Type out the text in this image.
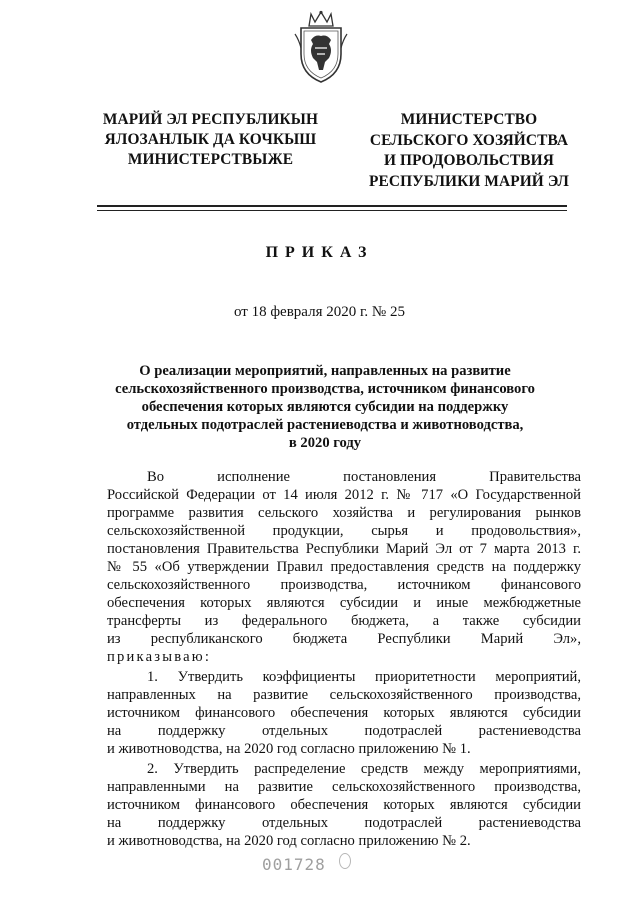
МАРИЙ ЭЛ РЕСПУБЛИКЫН
ЯЛОЗАНЛЫК ДА КОЧКЫШ
МИНИСТЕРСТВЫЖЕ
МИНИСТЕРСТВО
СЕЛЬСКОГО ХОЗЯЙСТВА
И ПРОДОВОЛЬСТВИЯ
РЕСПУБЛИКИ МАРИЙ ЭЛ
ПРИКАЗ
от 18 февраля 2020 г. № 25
О реализации мероприятий, направленных на развитие
сельскохозяйственного производства, источником финансового
обеспечения которых являются субсидии на поддержку
отдельных подотраслей растениеводства и животноводства,
в 2020 году
Во исполнение постановления Правительства
Российской Федерации от 14 июля 2012 г. № 717 «О Государственной
программе развития сельского хозяйства и регулирования рынков
сельскохозяйственной продукции, сырья и продовольствия»,
постановления Правительства Республики Марий Эл от 7 марта 2013 г.
№ 55 «Об утверждении Правил предоставления средств на поддержку
сельскохозяйственного производства, источником финансового
обеспечения которых являются субсидии и иные межбюджетные
трансферты из федерального бюджета, а также субсидии
из республиканского бюджета Республики Марий Эл»,
приказываю:
1. Утвердить коэффициенты приоритетности мероприятий,
направленных на развитие сельскохозяйственного производства,
источником финансового обеспечения которых являются субсидии
на поддержку отдельных подотраслей растениеводства
и животноводства, на 2020 год согласно приложению № 1.
2. Утвердить распределение средств между мероприятиями,
направленными на развитие сельскохозяйственного производства,
источником финансового обеспечения которых являются субсидии
на поддержку отдельных подотраслей растениеводства
и животноводства, на 2020 год согласно приложению № 2.
001728
